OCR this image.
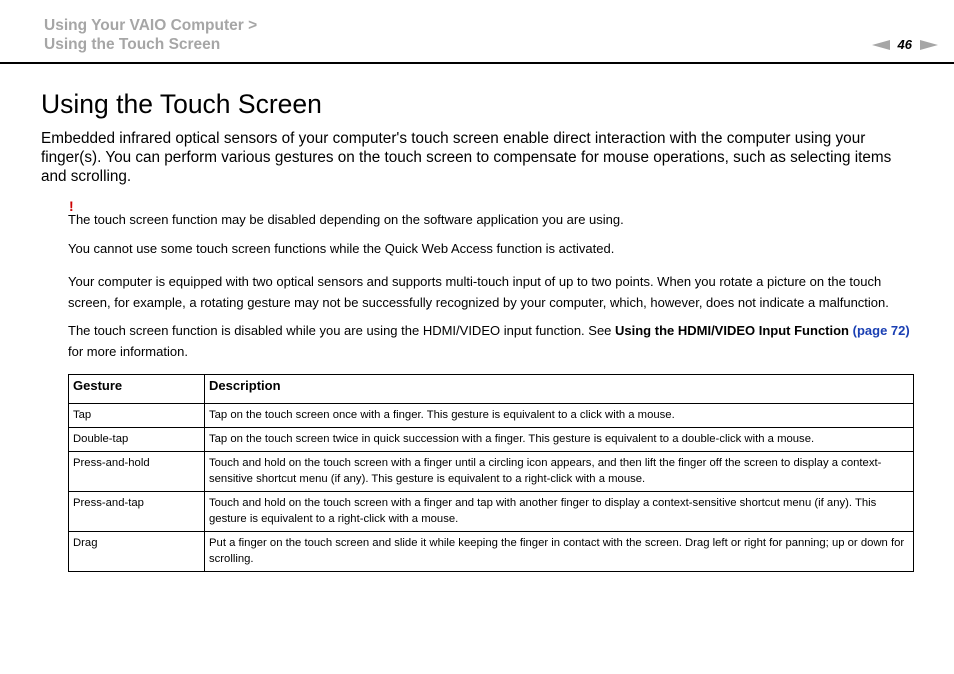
Using Your VAIO Computer >
Using the Touch Screen	46
Using the Touch Screen

Embedded infrared optical sensors of your computer's touch screen enable direct interaction with the computer using your finger(s). You can perform various gestures on the touch screen to compensate for mouse operations, such as selecting items and scrolling.

!

The touch screen function may be disabled depending on the software application you are using.

You cannot use some touch screen functions while the Quick Web Access function is activated.

Your computer is equipped with two optical sensors and supports multi-touch input of up to two points. When you rotate a picture on the touch screen, for example, a rotating gesture may not be successfully recognized by your computer, which, however, does not indicate a malfunction.

The touch screen function is disabled while you are using the HDMI/VIDEO input function. See Using the HDMI/VIDEO Input Function (page 72) for more information.

Gesture	Description
Tap	Tap on the touch screen once with a finger. This gesture is equivalent to a click with a mouse.
Double-tap	Tap on the touch screen twice in quick succession with a finger. This gesture is equivalent to a double-click with a mouse.
Press-and-hold	Touch and hold on the touch screen with a finger until a circling icon appears, and then lift the finger off the screen to display a context-sensitive shortcut menu (if any). This gesture is equivalent to a right-click with a mouse.
Press-and-tap	Touch and hold on the touch screen with a finger and tap with another finger to display a context-sensitive shortcut menu (if any). This gesture is equivalent to a right-click with a mouse.
Drag	Put a finger on the touch screen and slide it while keeping the finger in contact with the screen. Drag left or right for panning; up or down for scrolling.
